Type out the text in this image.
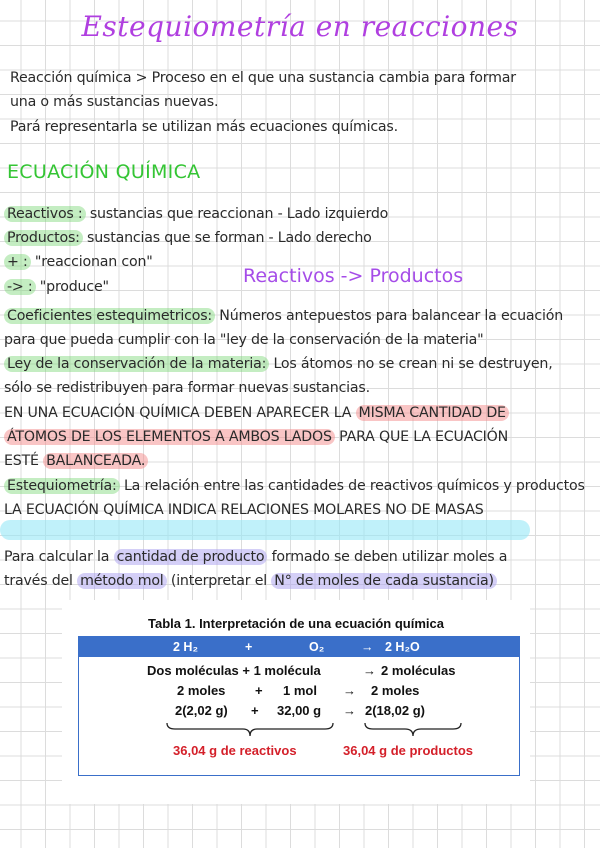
Estequiometría en reacciones
Reacción química > Proceso en el que una sustancia cambia para formar
una o más sustancias nuevas.
Pará representarla se utilizan más ecuaciones químicas.
ECUACIÓN QUÍMICA
Reactivos : sustancias que reaccionan - Lado izquierdo
Productos: sustancias que se forman - Lado derecho
+ : "reaccionan con"
-> : "produce"	Reactivos -> Productos
Coeficientes estequimetricos: Números antepuestos para balancear la ecuación
para que pueda cumplir con la "ley de la conservación de la materia"
Ley de la conservación de la materia: Los átomos no se crean ni se destruyen,
sólo se redistribuyen para formar nuevas sustancias.
EN UNA ECUACIÓN QUÍMICA DEBEN APARECER LA MISMA CANTIDAD DE
ÁTOMOS DE LOS ELEMENTOS A AMBOS LADOS PARA QUE LA ECUACIÓN
ESTÉ BALANCEADA.
Estequiometría: La relación entre las cantidades de reactivos químicos y productos
LA ECUACIÓN QUÍMICA INDICA RELACIONES MOLARES NO DE MASAS
Para calcular la cantidad de producto formado se deben utilizar moles a
través del método mol (interpretar el N° de moles de cada sustancia)
Tabla 1. Interpretación de una ecuación química
2 H₂	+	O₂	→ 2 H₂O
Dos moléculas + 1 molécula	→ 2 moléculas
2 moles + 1 mol → 2 moles
2(2,02 g) + 32,00 g → 2(18,02 g)
36,04 g de reactivos	36,04 g de productos
